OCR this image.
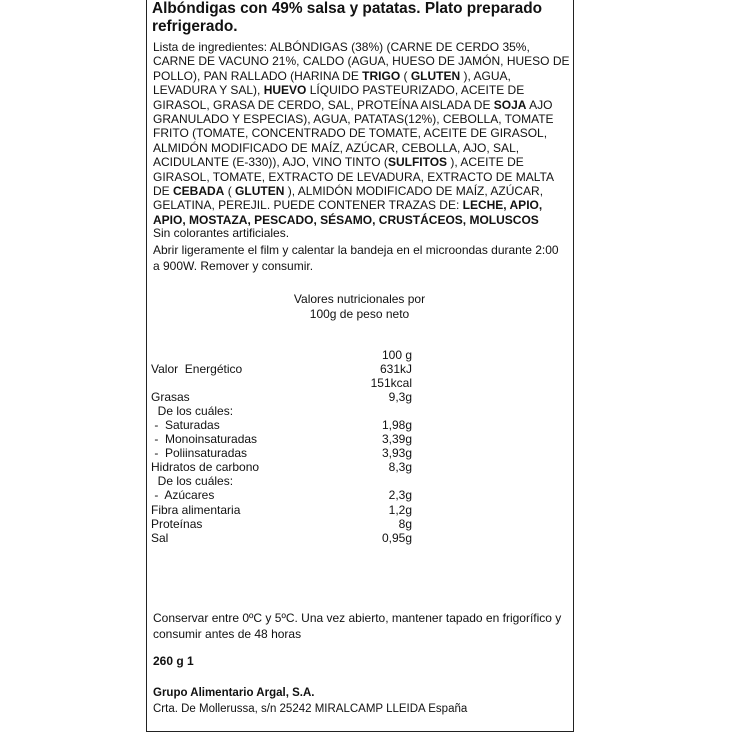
Albóndigas con 49% salsa y patatas. Plato preparado refrigerado.
Lista de ingredientes: ALBÓNDIGAS (38%) (CARNE DE CERDO 35%, CARNE DE VACUNO 21%, CALDO (AGUA, HUESO DE JAMÓN, HUESO DE POLLO), PAN RALLADO (HARINA DE TRIGO ( GLUTEN ), AGUA, LEVADURA Y SAL), HUEVO LÍQUIDO PASTEURIZADO, ACEITE DE GIRASOL, GRASA DE CERDO, SAL, PROTEÍNA AISLADA DE SOJA AJO GRANULADO Y ESPECIAS), AGUA, PATATAS(12%), CEBOLLA, TOMATE FRITO (TOMATE, CONCENTRADO DE TOMATE, ACEITE DE GIRASOL, ALMIDÓN MODIFICADO DE MAÍZ, AZÚCAR, CEBOLLA, AJO, SAL, ACIDULANTE (E-330)), AJO, VINO TINTO (SULFITOS ), ACEITE DE GIRASOL, TOMATE, EXTRACTO DE LEVADURA, EXTRACTO DE MALTA DE CEBADA ( GLUTEN ), ALMIDÓN MODIFICADO DE MAÍZ, AZÚCAR, GELATINA, PEREJIL. PUEDE CONTENER TRAZAS DE: LECHE, APIO, APIO, MOSTAZA, PESCADO, SÉSAMO, CRUSTÁCEOS, MOLUSCOS
Sin colorantes artificiales.
Abrir ligeramente el film y calentar la bandeja en el microondas durante 2:00 a 900W. Remover y consumir.
Valores nutricionales por
100g de peso neto
100 g
Valor  Energético	631kJ
151kcal
Grasas	9,3g
De los cuáles:
-  Saturadas	1,98g
-  Monoinsaturadas	3,39g
-  Poliinsaturadas	3,93g
Hidratos de carbono	8,3g
De los cuáles:
-  Azúcares	2,3g
Fibra alimentaria	1,2g
Proteínas	8g
Sal	0,95g
Conservar entre 0ºC y 5ºC. Una vez abierto, mantener tapado en frigorífico y consumir antes de 48 horas
260 g 1
Grupo Alimentario Argal, S.A.
Crta. De Mollerussa, s/n 25242 MIRALCAMP LLEIDA España
